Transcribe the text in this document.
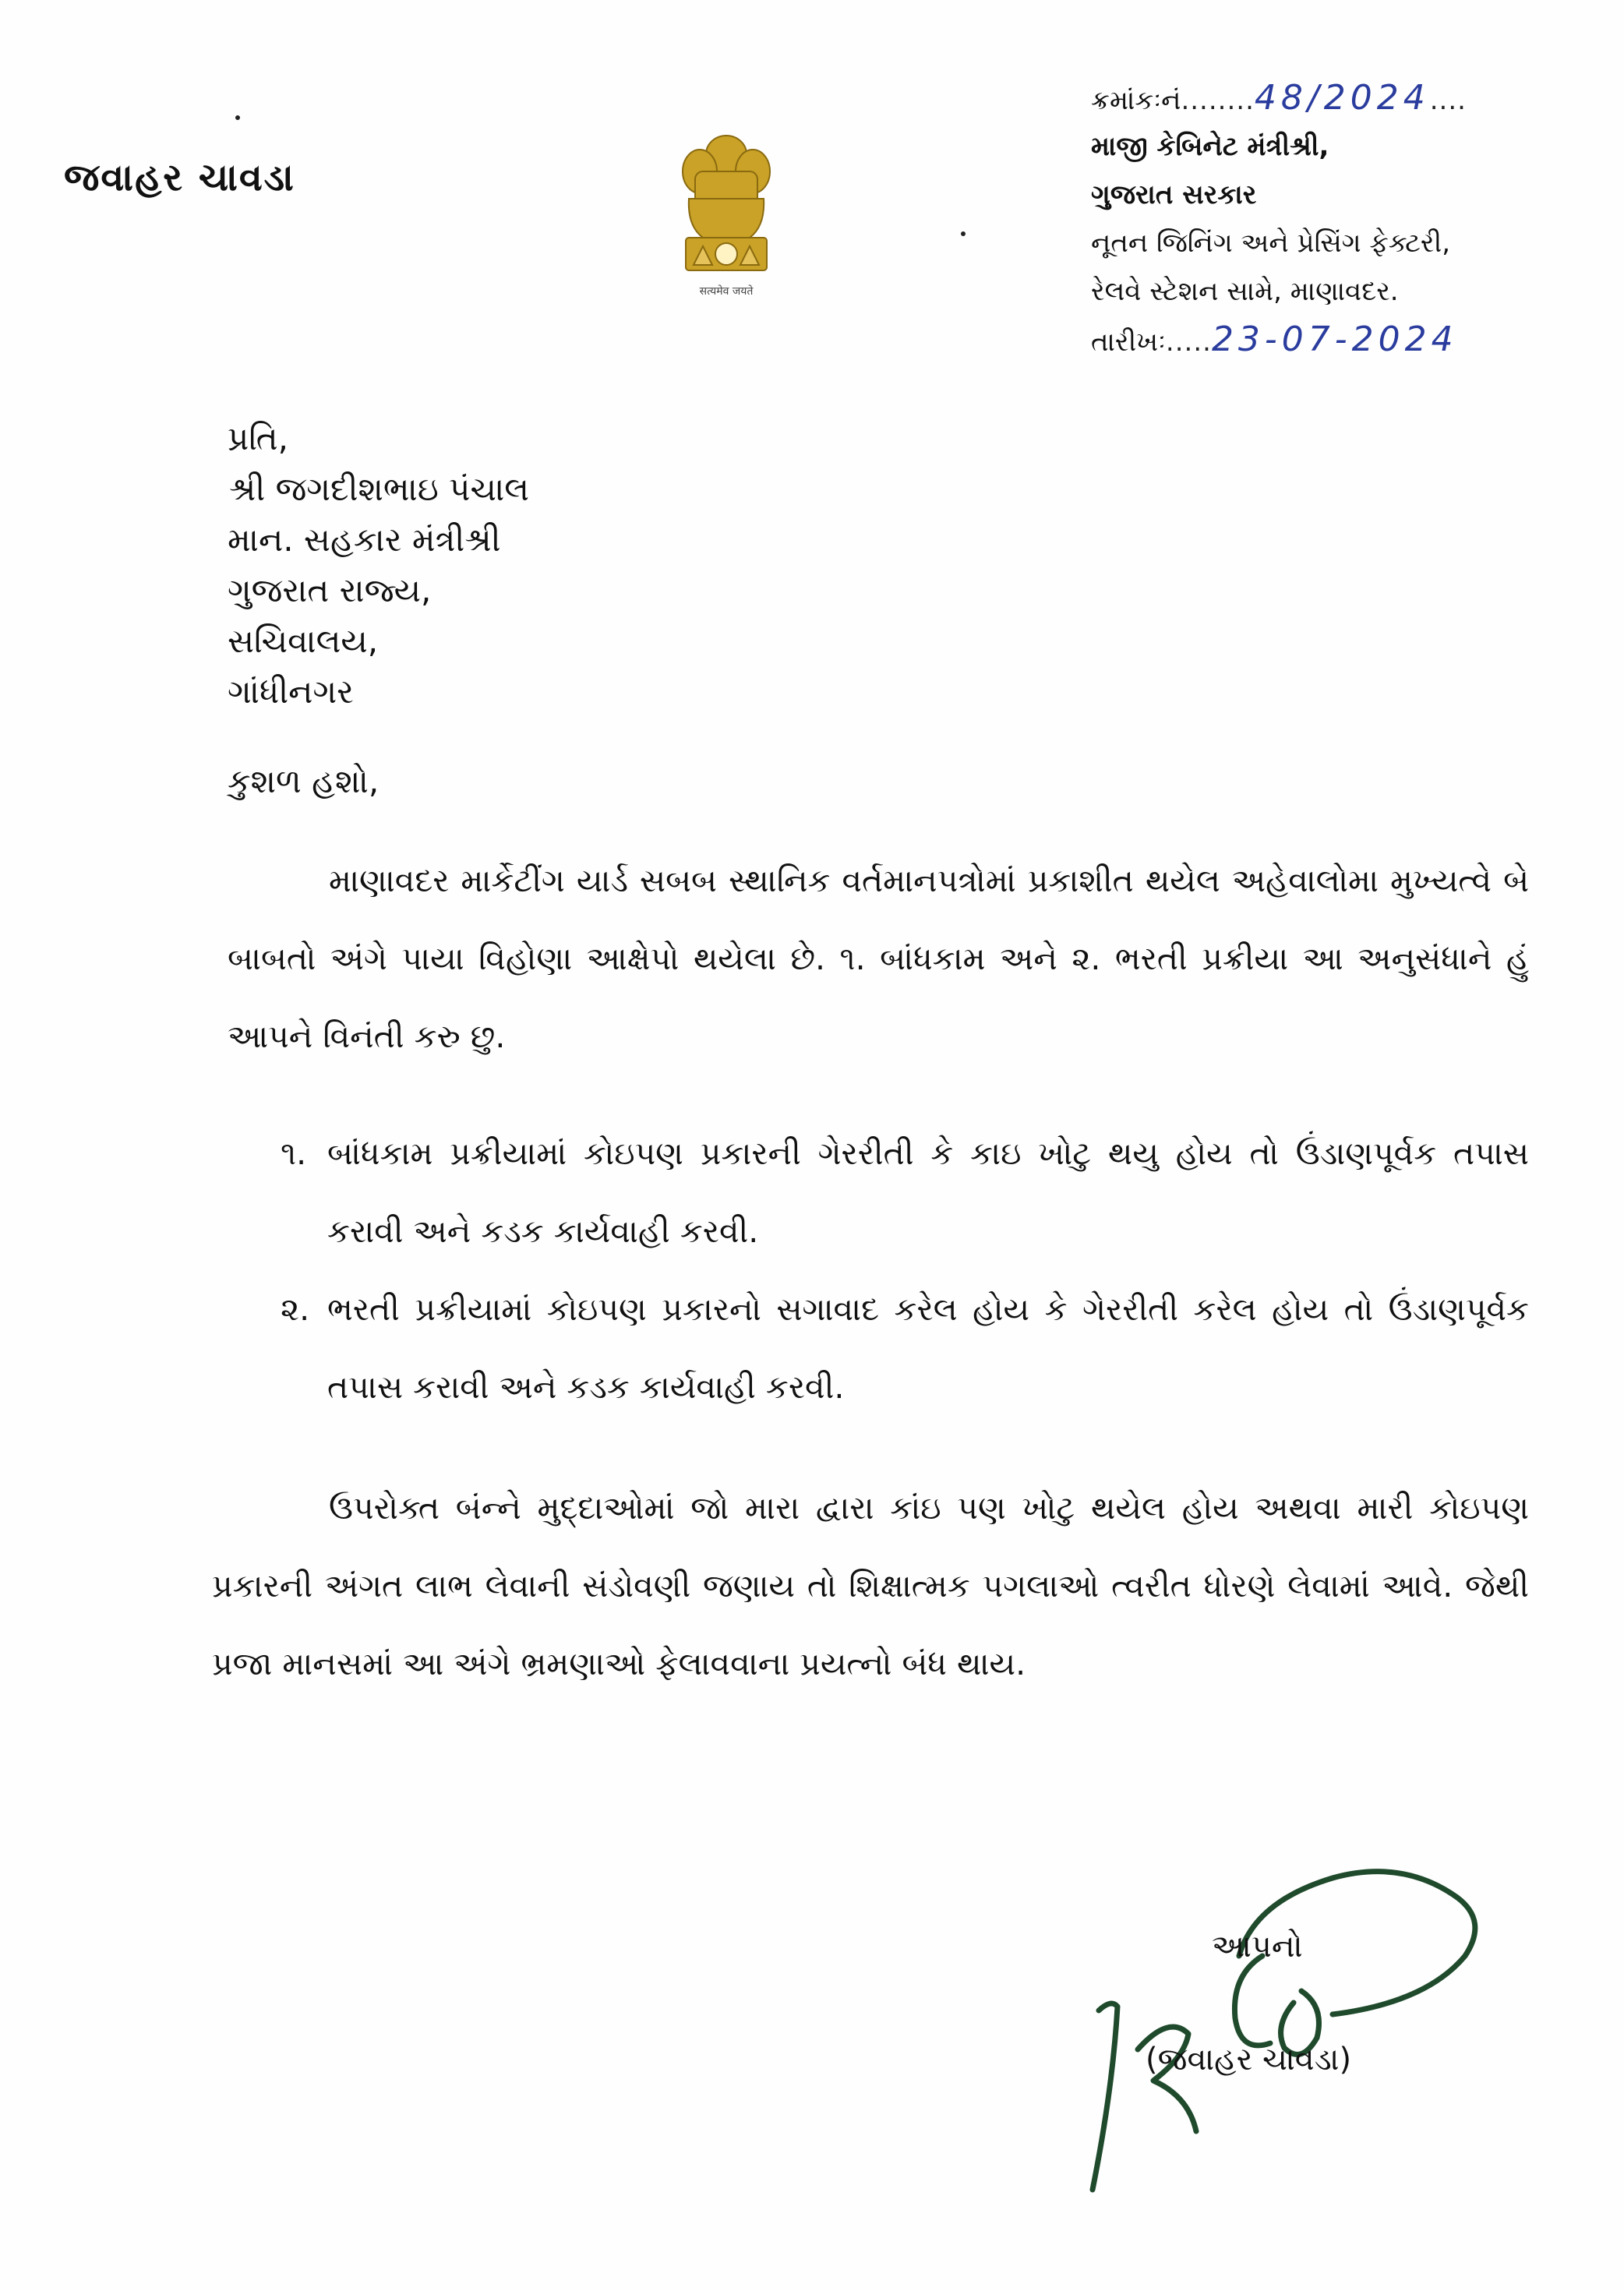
જવાહર ચાવડા
सत्यमेव जयते
ક્રમાંકઃનં........48/2024....
માજી કેબિનેટ મંત્રીશ્રી,
ગુજરાત સરકાર
નૂતન જિનિંગ અને પ્રેસિંગ ફેક્ટરી,
રેલવે સ્ટેશન સામે, માણાવદર.
તારીખઃ.....23-07-2024
પ્રતિ,
શ્રી જગદીશભાઇ પંચાલ
માન. સહકાર મંત્રીશ્રી
ગુજરાત રાજ્ય,
સચિવાલય,
ગાંધીનગર
કુશળ હશો,
માણાવદર માર્કેટીંગ યાર્ડ સબબ સ્થાનિક વર્તમાનપત્રોમાં પ્રકાશીત થયેલ અહેવાલોમા મુખ્યત્વે બે બાબતો અંગે પાયા વિહોણા આક્ષેપો થયેલા છે. ૧. બાંધકામ અને ૨. ભરતી પ્રક્રીયા આ અનુસંધાને હું આપને વિનંતી કરુ છુ.
૧. બાંધકામ પ્રક્રીયામાં કોઇપણ પ્રકારની ગેરરીતી કે કાઇ ખોટુ થયુ હોય તો ઉંડાણપૂર્વક તપાસ કરાવી અને કડક કાર્યવાહી કરવી.
૨. ભરતી પ્રક્રીયામાં કોઇપણ પ્રકારનો સગાવાદ કરેલ હોય કે ગેરરીતી કરેલ હોય તો ઉંડાણપૂર્વક તપાસ કરાવી અને કડક કાર્યવાહી કરવી.
ઉપરોક્ત બંન્ને મુદ્દાઓમાં જો મારા દ્વારા કાંઇ પણ ખોટુ થયેલ હોય અથવા મારી કોઇપણ પ્રકારની અંગત લાભ લેવાની સંડોવણી જણાય તો શિક્ષાત્મક પગલાઓ ત્વરીત ધોરણે લેવામાં આવે. જેથી પ્રજા માનસમાં આ અંગે ભ્રમણાઓ ફેલાવવાના પ્રયત્નો બંધ થાય.
આપનો
(જવાહર ચાવડા)
